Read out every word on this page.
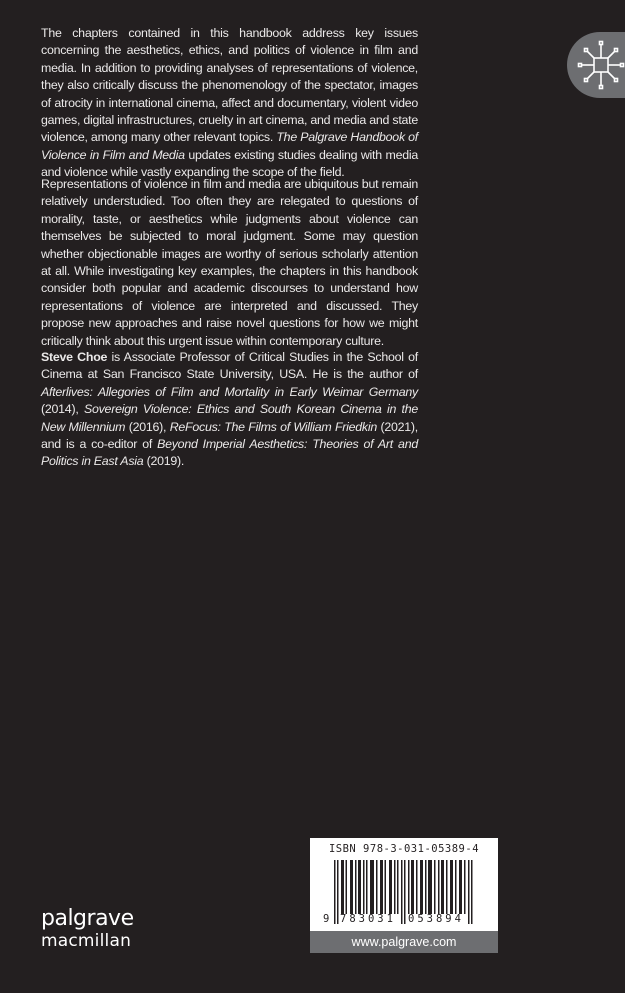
The chapters contained in this handbook address key issues concerning the aesthetics, ethics, and politics of violence in film and media. In addition to providing analyses of representations of violence, they also critically discuss the phenomenology of the spectator, images of atrocity in international cinema, affect and documentary, violent video games, digital infrastructures, cruelty in art cinema, and media and state violence, among many other relevant topics. The Palgrave Handbook of Violence in Film and Media updates existing studies dealing with media and violence while vastly expanding the scope of the field.

Representations of violence in film and media are ubiquitous but remain relatively understudied. Too often they are relegated to questions of morality, taste, or aesthetics while judgments about violence can themselves be subjected to moral judgment. Some may question whether objectionable images are worthy of serious scholarly attention at all. While investigating key examples, the chapters in this handbook consider both popular and academic discourses to understand how representations of violence are interpreted and discussed. They propose new approaches and raise novel questions for how we might critically think about this urgent issue within contemporary culture.

Steve Choe is Associate Professor of Critical Studies in the School of Cinema at San Francisco State University, USA. He is the author of Afterlives: Allegories of Film and Mortality in Early Weimar Germany (2014), Sovereign Violence: Ethics and South Korean Cinema in the New Millennium (2016), ReFocus: The Films of William Friedkin (2021), and is a co-editor of Beyond Imperial Aesthetics: Theories of Art and Politics in East Asia (2019).

ISBN 978-3-031-05389-4
9 783031 053894
www.palgrave.com
palgrave
macmillan
